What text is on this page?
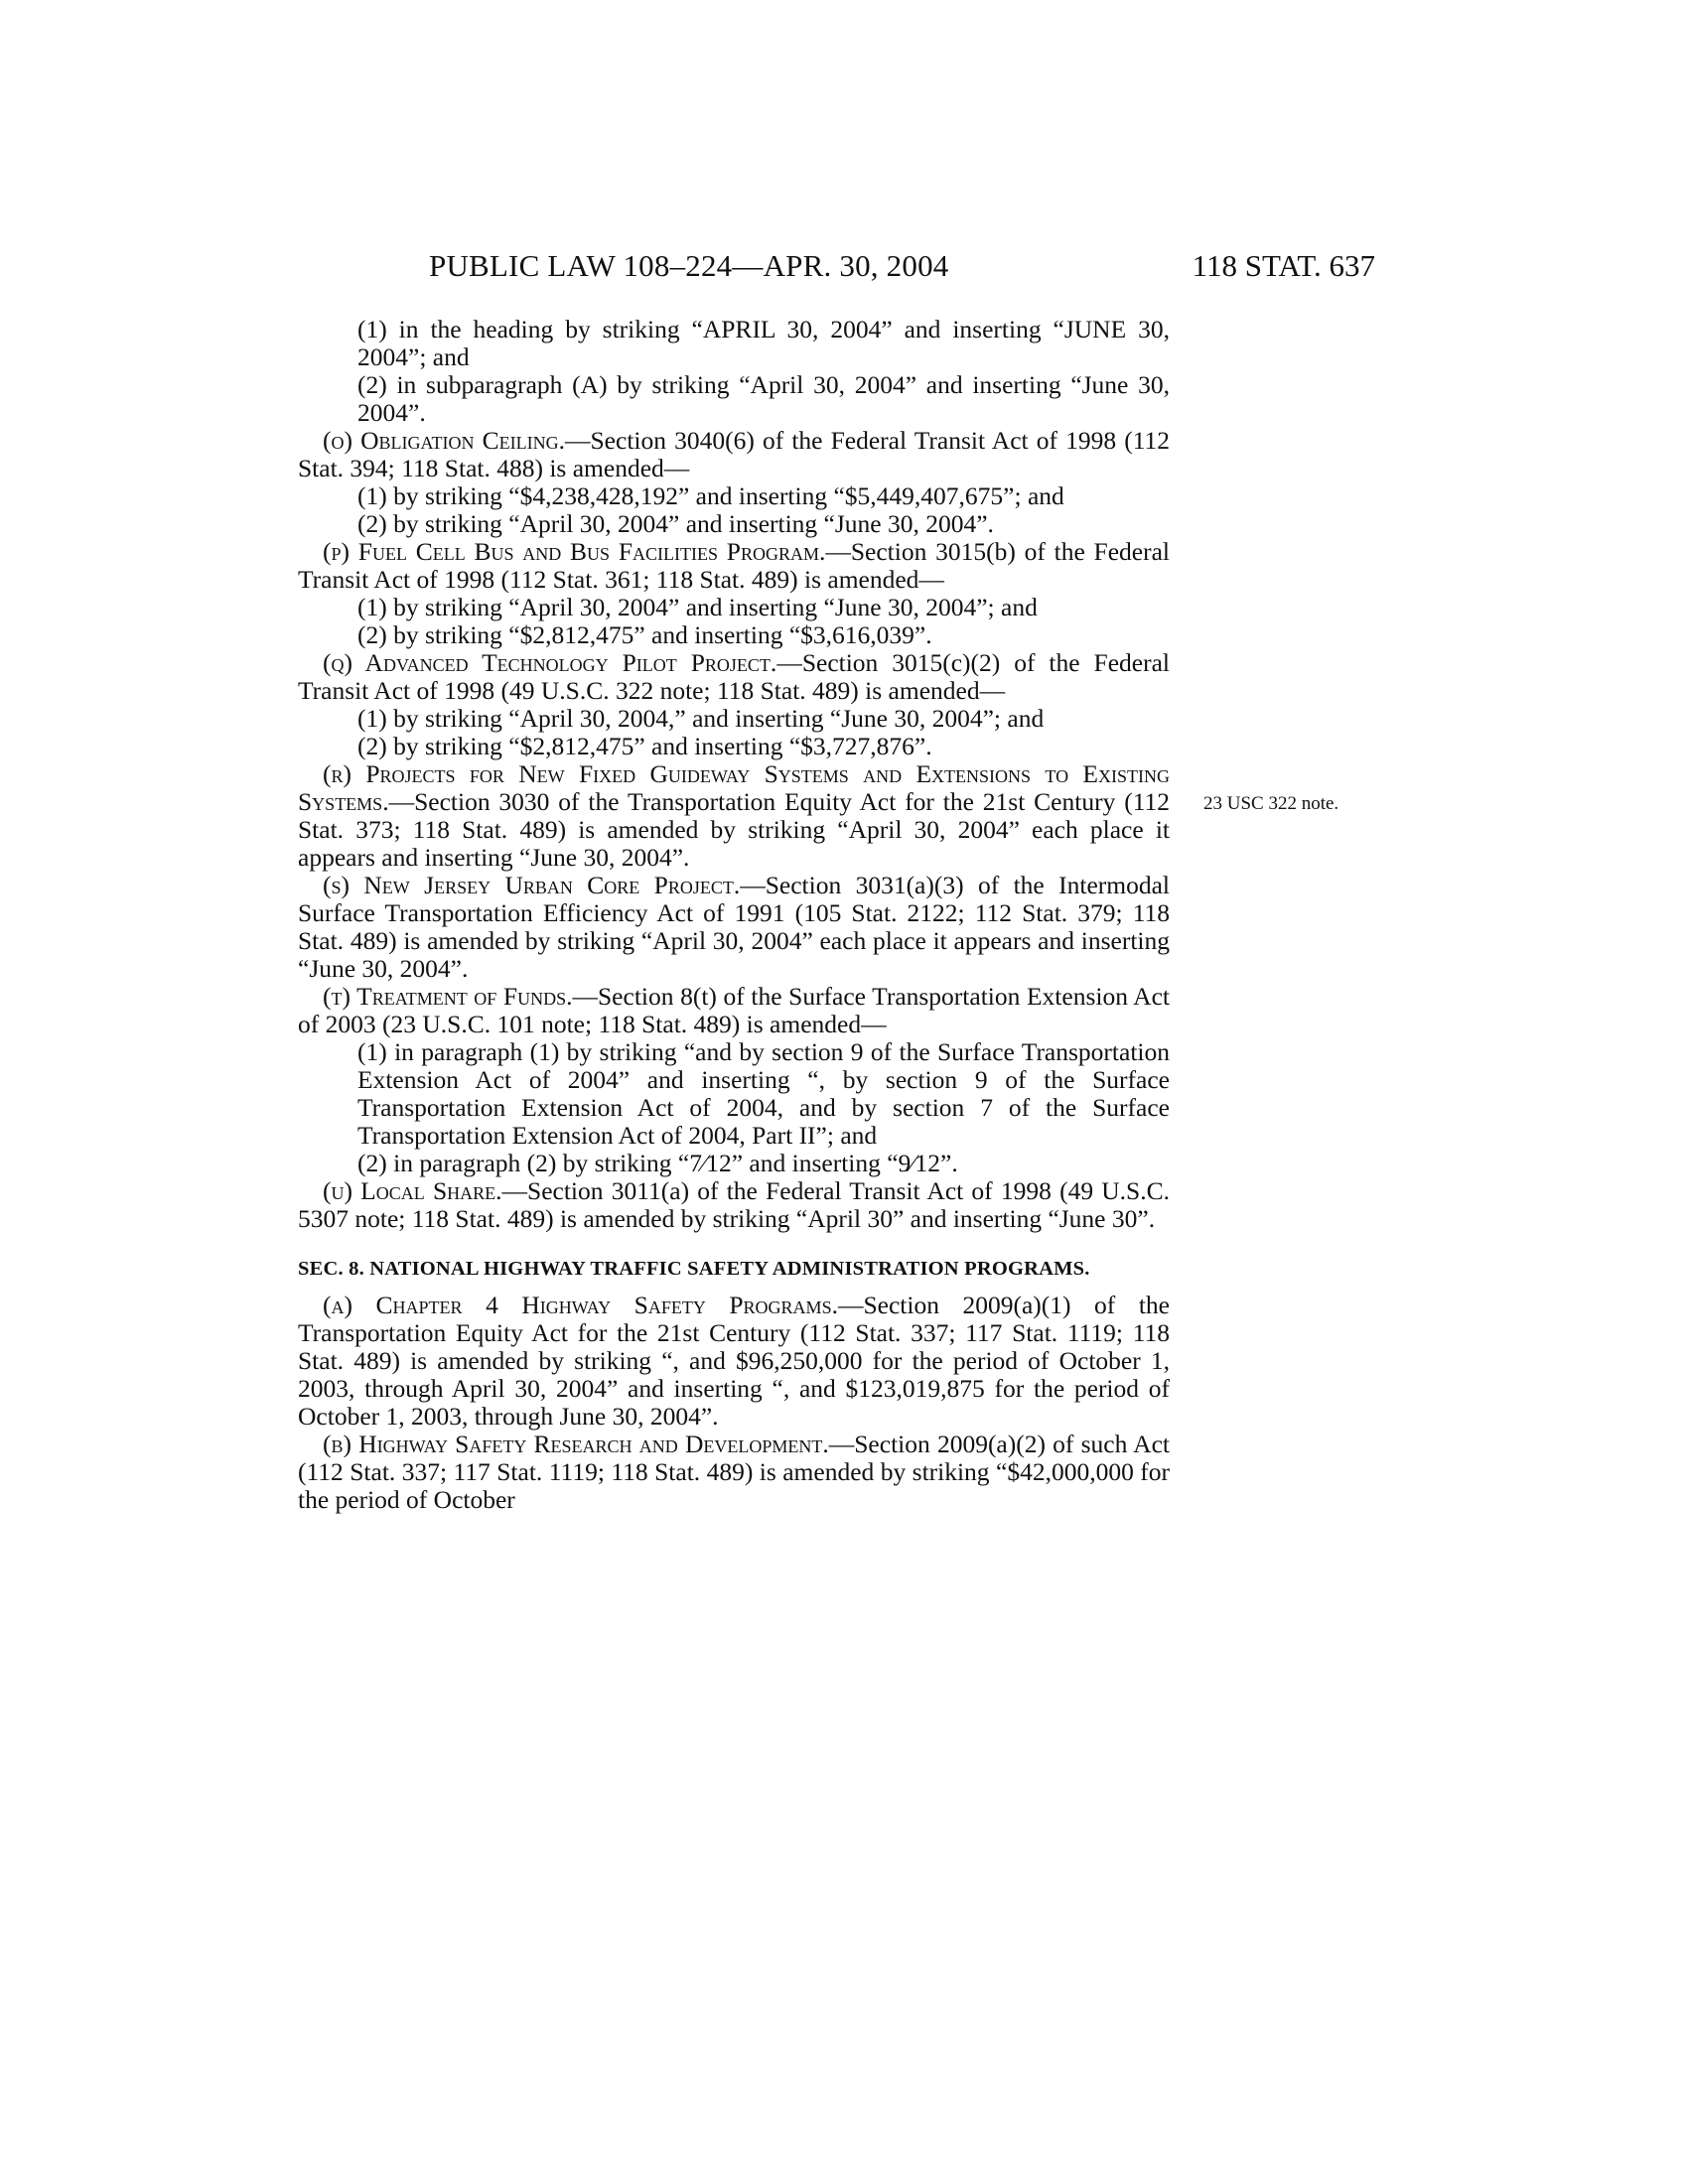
PUBLIC LAW 108–224—APR. 30, 2004	118 STAT. 637
23 USC 322 note.

(1) in the heading by striking “APRIL 30, 2004” and inserting “JUNE 30, 2004”; and

(2) in subparagraph (A) by striking “April 30, 2004” and inserting “June 30, 2004”.

(o) Obligation Ceiling.—Section 3040(6) of the Federal Transit Act of 1998 (112 Stat. 394; 118 Stat. 488) is amended—

(1) by striking “$4,238,428,192” and inserting “$5,449,407,675”; and

(2) by striking “April 30, 2004” and inserting “June 30, 2004”.

(p) Fuel Cell Bus and Bus Facilities Program.—Section 3015(b) of the Federal Transit Act of 1998 (112 Stat. 361; 118 Stat. 489) is amended—

(1) by striking “April 30, 2004” and inserting “June 30, 2004”; and

(2) by striking “$2,812,475” and inserting “$3,616,039”.

(q) Advanced Technology Pilot Project.—Section 3015(c)(2) of the Federal Transit Act of 1998 (49 U.S.C. 322 note; 118 Stat. 489) is amended—

(1) by striking “April 30, 2004,” and inserting “June 30, 2004”; and

(2) by striking “$2,812,475” and inserting “$3,727,876”.

(r) Projects for New Fixed Guideway Systems and Extensions to Existing Systems.—Section 3030 of the Transportation Equity Act for the 21st Century (112 Stat. 373; 118 Stat. 489) is amended by striking “April 30, 2004” each place it appears and inserting “June 30, 2004”.

(s) New Jersey Urban Core Project.—Section 3031(a)(3) of the Intermodal Surface Transportation Efficiency Act of 1991 (105 Stat. 2122; 112 Stat. 379; 118 Stat. 489) is amended by striking “April 30, 2004” each place it appears and inserting “June 30, 2004”.

(t) Treatment of Funds.—Section 8(t) of the Surface Transportation Extension Act of 2003 (23 U.S.C. 101 note; 118 Stat. 489) is amended—

(1) in paragraph (1) by striking “and by section 9 of the Surface Transportation Extension Act of 2004” and inserting “, by section 9 of the Surface Transportation Extension Act of 2004, and by section 7 of the Surface Transportation Extension Act of 2004, Part II”; and

(2) in paragraph (2) by striking “7⁄12” and inserting “9⁄12”.

(u) Local Share.—Section 3011(a) of the Federal Transit Act of 1998 (49 U.S.C. 5307 note; 118 Stat. 489) is amended by striking “April 30” and inserting “June 30”.

SEC. 8. NATIONAL HIGHWAY TRAFFIC SAFETY ADMINISTRATION PROGRAMS.

(a) Chapter 4 Highway Safety Programs.—Section 2009(a)(1) of the Transportation Equity Act for the 21st Century (112 Stat. 337; 117 Stat. 1119; 118 Stat. 489) is amended by striking “, and $96,250,000 for the period of October 1, 2003, through April 30, 2004” and inserting “, and $123,019,875 for the period of October 1, 2003, through June 30, 2004”.

(b) Highway Safety Research and Development.—Section 2009(a)(2) of such Act (112 Stat. 337; 117 Stat. 1119; 118 Stat. 489) is amended by striking “$42,000,000 for the period of October
